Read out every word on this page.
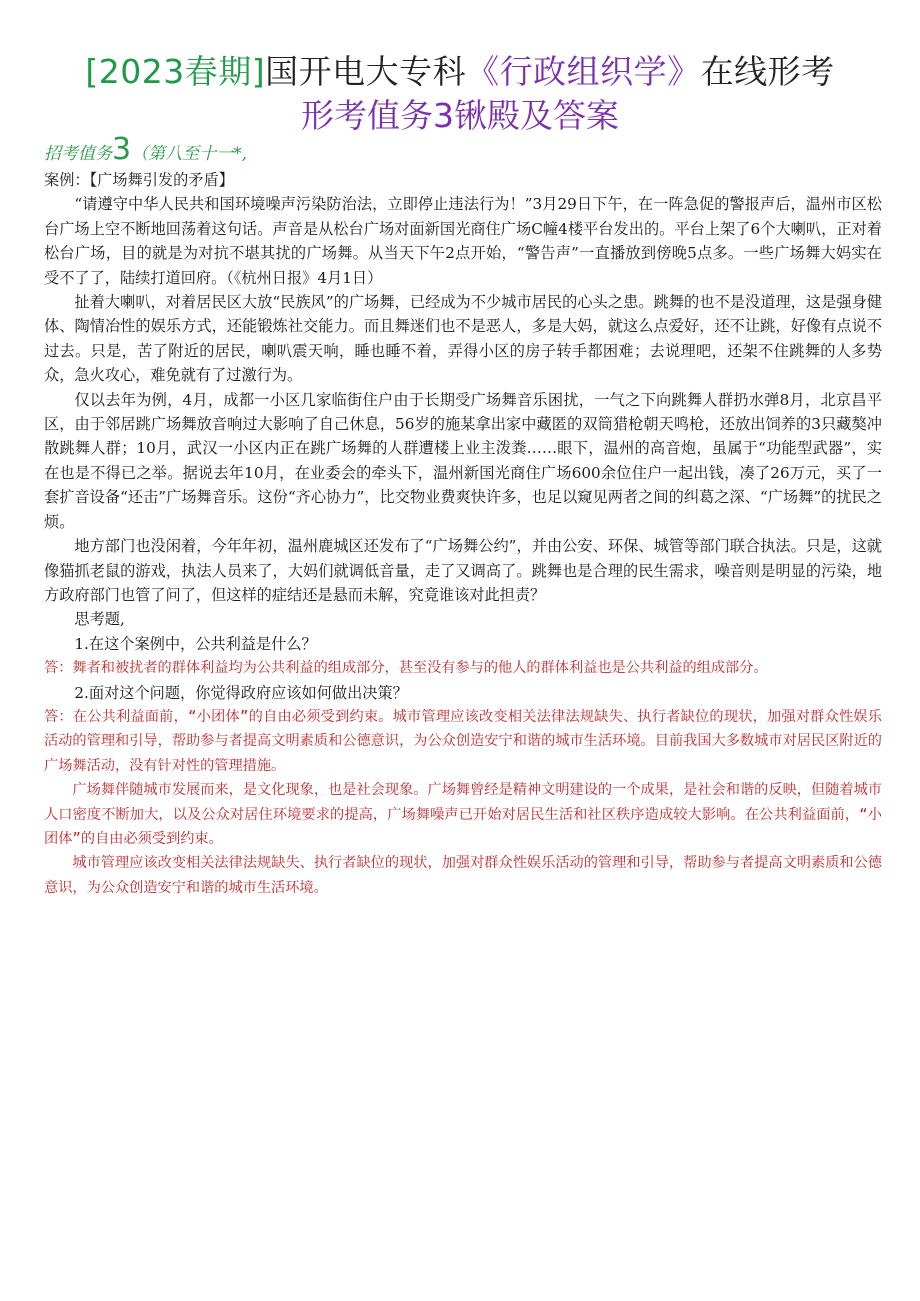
[2023春期]国开电大专科《行政组织学》在线形考
形考值务3锹殿及答案
招考值务3（第八至十一*,

案例：【广场舞引发的矛盾】

“请遵守中华人民共和国环境噪声污染防治法，立即停止违法行为！”3月29日下午，在一阵急促的警报声后，温州市区松台广场上空不断地回荡着这句话。声音是从松台广场对面新国光商住广场C幢4楼平台发出的。平台上架了6个大喇叭，正对着松台广场，目的就是为对抗不堪其扰的广场舞。从当天下午2点开始，“警告声”一直播放到傍晚5点多。一些广场舞大妈实在受不了了，陆续打道回府。（《杭州日报》4月1日）

扯着大喇叭，对着居民区大放“民族风”的广场舞，已经成为不少城市居民的心头之患。跳舞的也不是没道理，这是强身健体、陶情冶性的娱乐方式，还能锻炼社交能力。而且舞迷们也不是恶人，多是大妈，就这么点爱好，还不让跳，好像有点说不过去。只是，苦了附近的居民，喇叭震天响，睡也睡不着，弄得小区的房子转手都困难；去说理吧，还架不住跳舞的人多势众，急火攻心，难免就有了过激行为。

仅以去年为例，4月，成都一小区几家临街住户由于长期受广场舞音乐困扰，一气之下向跳舞人群扔水弹8月，北京昌平区，由于邻居跳广场舞放音响过大影响了自己休息，56岁的施某拿出家中藏匿的双筒猎枪朝天鸣枪，还放出饲养的3只藏獒冲散跳舞人群；10月，武汉一小区内正在跳广场舞的人群遭楼上业主泼粪……眼下，温州的高音炮，虽属于“功能型武器”，实在也是不得已之举。据说去年10月，在业委会的牵头下，温州新国光商住广场600余位住户一起出钱，凑了26万元，买了一套扩音设备“还击”广场舞音乐。这份“齐心协力”，比交物业费爽快许多，也足以窥见两者之间的纠葛之深、“广场舞”的扰民之烦。

地方部门也没闲着，今年年初，温州鹿城区还发布了“广场舞公约”，并由公安、环保、城管等部门联合执法。只是，这就像猫抓老鼠的游戏，执法人员来了，大妈们就调低音量，走了又调高了。跳舞也是合理的民生需求，噪音则是明显的污染，地方政府部门也管了问了，但这样的症结还是悬而未解，究竟谁该对此担责？

思考题,

1.在这个案例中，公共利益是什么？

答：舞者和被扰者的群体利益均为公共利益的组成部分，甚至没有参与的他人的群体利益也是公共利益的组成部分。

2.面对这个问题，你觉得政府应该如何做出决策？

答：在公共利益面前，“小团体”的自由必须受到约束。城市管理应该改变相关法律法规缺失、执行者缺位的现状，加强对群众性娱乐活动的管理和引导，帮助参与者提高文明素质和公德意识，为公众创造安宁和谐的城市生活环境。目前我国大多数城市对居民区附近的广场舞活动，没有针对性的管理措施。

广场舞伴随城市发展而来，是文化现象，也是社会现象。广场舞曾经是精神文明建设的一个成果，是社会和谐的反映，但随着城市人口密度不断加大，以及公众对居住环境要求的提高，广场舞噪声已开始对居民生活和社区秩序造成较大影响。在公共利益面前，“小团体”的自由必须受到约束。

城市管理应该改变相关法律法规缺失、执行者缺位的现状，加强对群众性娱乐活动的管理和引导，帮助参与者提高文明素质和公德意识，为公众创造安宁和谐的城市生活环境。
